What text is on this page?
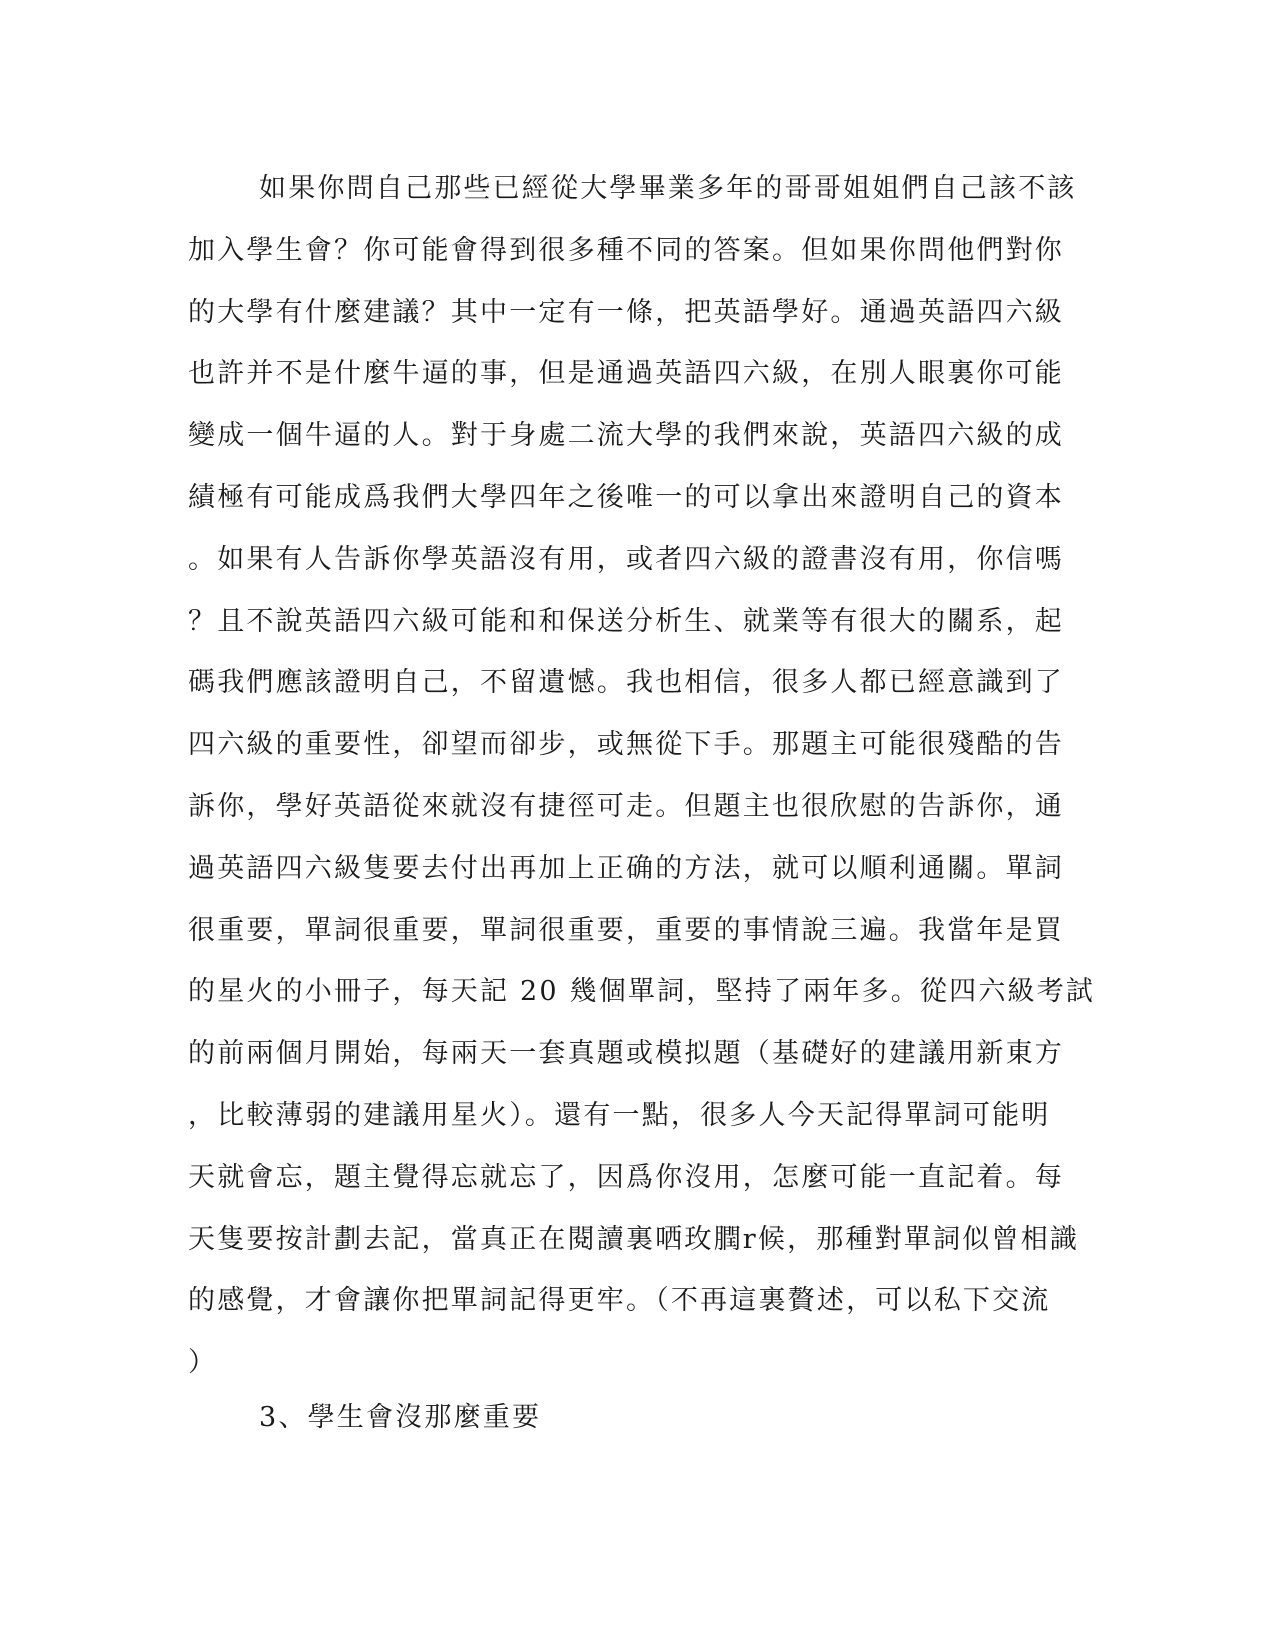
如果你問自己那些已經從大學畢業多年的哥哥姐姐們自己該不該
加入學生會？你可能會得到很多種不同的答案。但如果你問他們對你
的大學有什麼建議？其中一定有一條，把英語學好。通過英語四六級
也許并不是什麼牛逼的事，但是通過英語四六級，在別人眼裏你可能
變成一個牛逼的人。對于身處二流大學的我們來說，英語四六級的成
績極有可能成爲我們大學四年之後唯一的可以拿出來證明自己的資本
。如果有人告訴你學英語沒有用，或者四六級的證書沒有用，你信嗎
？且不說英語四六級可能和和保送分析生、就業等有很大的關系，起
碼我們應該證明自己，不留遺憾。我也相信，很多人都已經意識到了
四六級的重要性，卻望而卻步，或無從下手。那題主可能很殘酷的告
訴你，學好英語從來就沒有捷徑可走。但題主也很欣慰的告訴你，通
過英語四六級隻要去付出再加上正确的方法，就可以順利通關。單詞
很重要，單詞很重要，單詞很重要，重要的事情說三遍。我當年是買
的星火的小冊子，每天記 20 幾個單詞，堅持了兩年多。從四六級考試
的前兩個月開始，每兩天一套真題或模拟題（基礎好的建議用新東方
，比較薄弱的建議用星火）。還有一點，很多人今天記得單詞可能明
天就會忘，題主覺得忘就忘了，因爲你沒用，怎麼可能一直記着。每
天隻要按計劃去記，當真正在閱讀裏哂玫膶r候，那種對單詞似曾相識
的感覺，才會讓你把單詞記得更牢。（不再這裏贅述，可以私下交流
）
3、學生會沒那麼重要
